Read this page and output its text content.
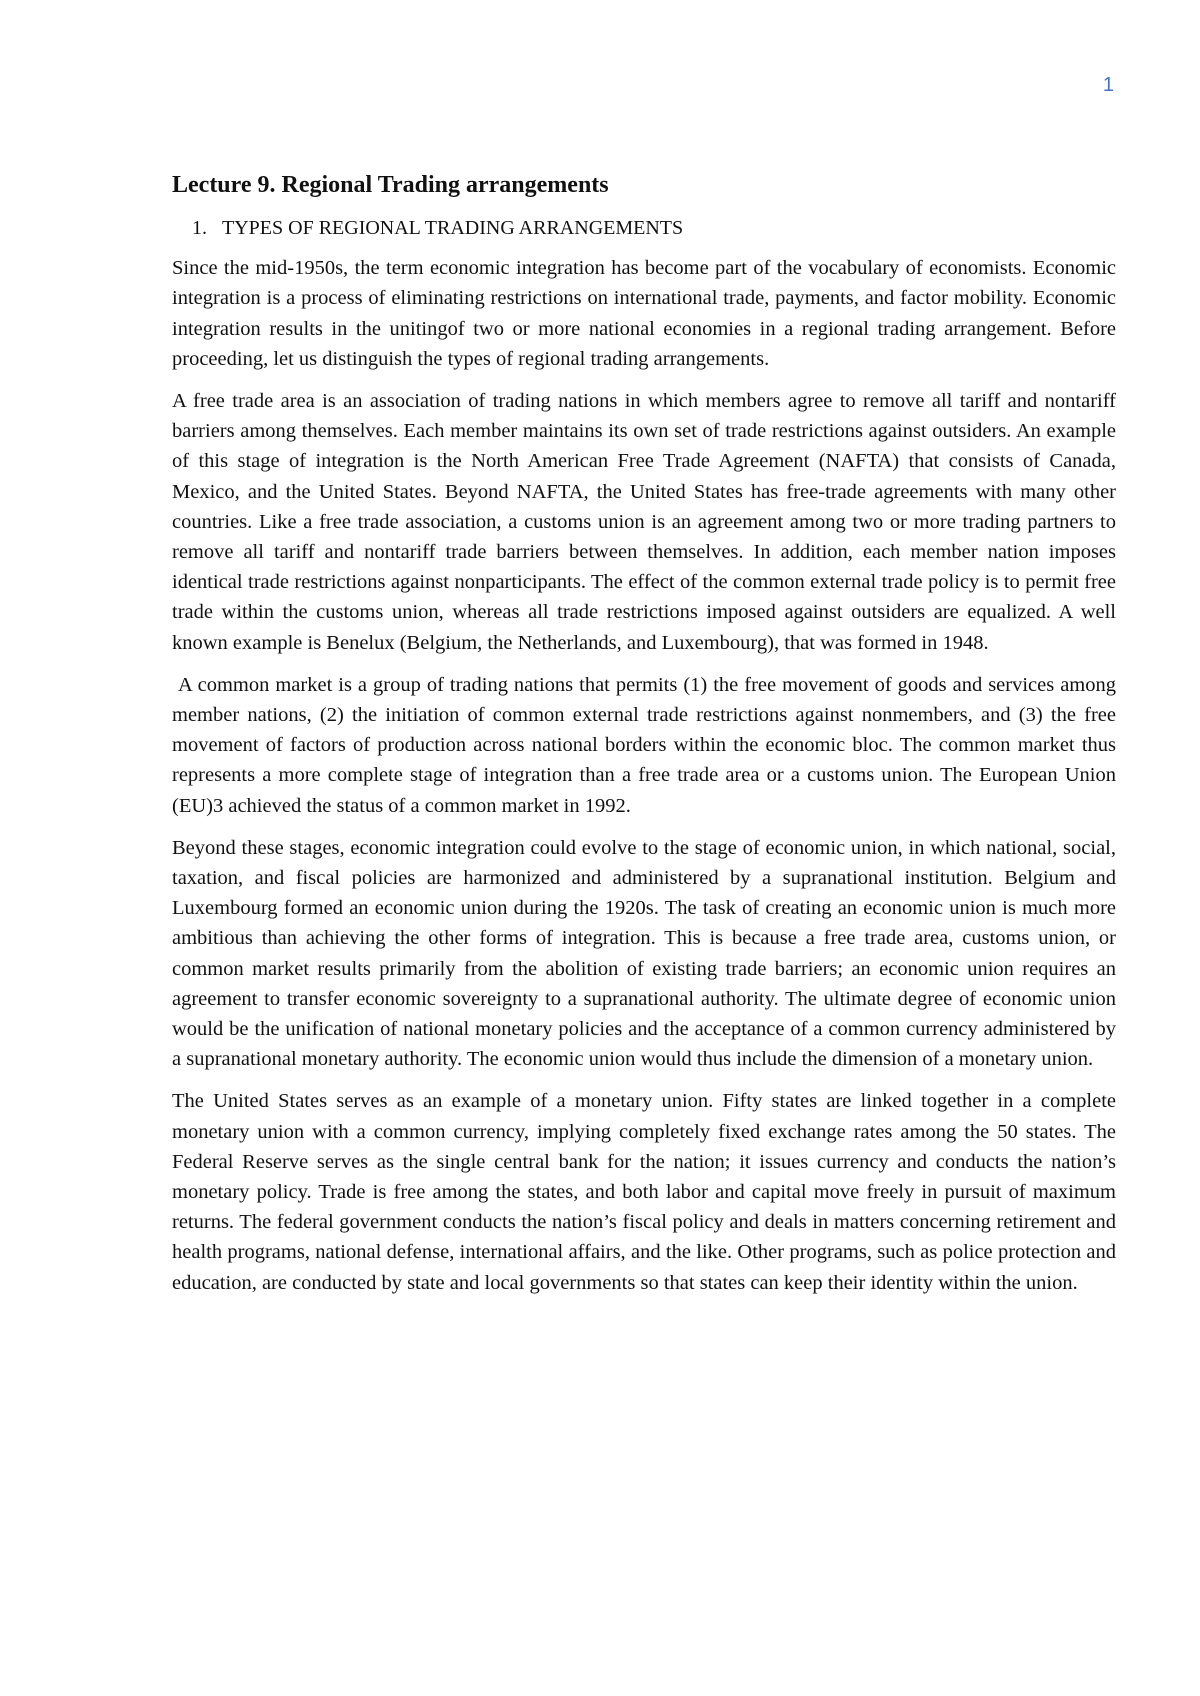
1
Lecture 9. Regional Trading arrangements
1. TYPES OF REGIONAL TRADING ARRANGEMENTS

Since the mid-1950s, the term economic integration has become part of the vocabulary of economists. Economic integration is a process of eliminating restrictions on international trade, payments, and factor mobility. Economic integration results in the unitingof two or more national economies in a regional trading arrangement. Before proceeding, let us distinguish the types of regional trading arrangements.

A free trade area is an association of trading nations in which members agree to remove all tariff and nontariff barriers among themselves. Each member maintains its own set of trade restrictions against outsiders. An example of this stage of integration is the North American Free Trade Agreement (NAFTA) that consists of Canada, Mexico, and the United States. Beyond NAFTA, the United States has free-trade agreements with many other countries. Like a free trade association, a customs union is an agreement among two or more trading partners to remove all tariff and nontariff trade barriers between themselves. In addition, each member nation imposes identical trade restrictions against nonparticipants. The effect of the common external trade policy is to permit free trade within the customs union, whereas all trade restrictions imposed against outsiders are equalized. A well known example is Benelux (Belgium, the Netherlands, and Luxembourg), that was formed in 1948.

A common market is a group of trading nations that permits (1) the free movement of goods and services among member nations, (2) the initiation of common external trade restrictions against nonmembers, and (3) the free movement of factors of production across national borders within the economic bloc. The common market thus represents a more complete stage of integration than a free trade area or a customs union. The European Union (EU)3 achieved the status of a common market in 1992.

Beyond these stages, economic integration could evolve to the stage of economic union, in which national, social, taxation, and fiscal policies are harmonized and administered by a supranational institution. Belgium and Luxembourg formed an economic union during the 1920s. The task of creating an economic union is much more ambitious than achieving the other forms of integration. This is because a free trade area, customs union, or common market results primarily from the abolition of existing trade barriers; an economic union requires an agreement to transfer economic sovereignty to a supranational authority. The ultimate degree of economic union would be the unification of national monetary policies and the acceptance of a common currency administered by a supranational monetary authority. The economic union would thus include the dimension of a monetary union.

The United States serves as an example of a monetary union. Fifty states are linked together in a complete monetary union with a common currency, implying completely fixed exchange rates among the 50 states. The Federal Reserve serves as the single central bank for the nation; it issues currency and conducts the nation’s monetary policy. Trade is free among the states, and both labor and capital move freely in pursuit of maximum returns. The federal government conducts the nation’s fiscal policy and deals in matters concerning retirement and health programs, national defense, international affairs, and the like. Other programs, such as police protection and education, are conducted by state and local governments so that states can keep their identity within the union.
